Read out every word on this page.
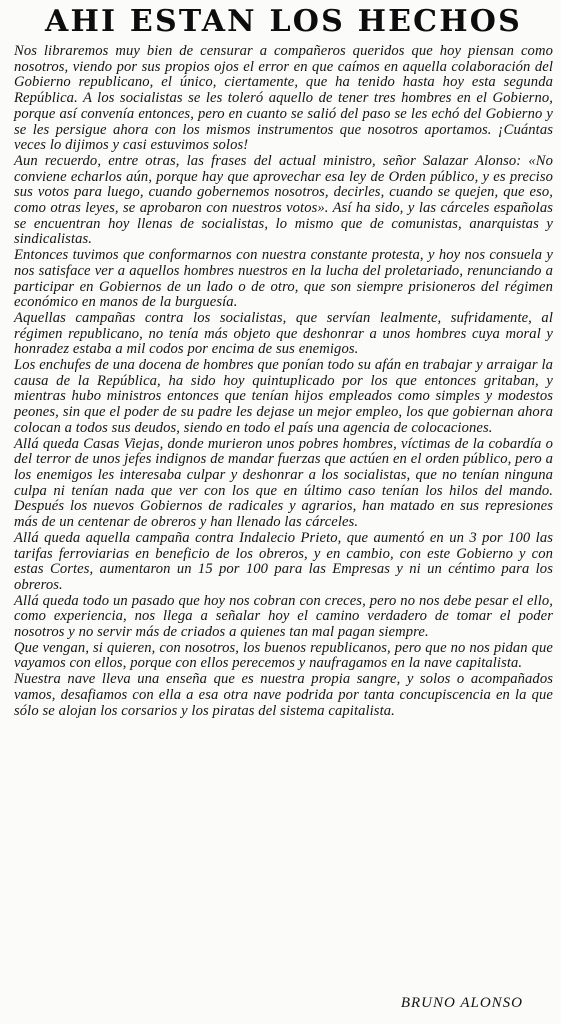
AHI ESTAN LOS HECHOS

Nos libraremos muy bien de censurar a compañeros queridos que hoy piensan como nosotros, viendo por sus propios ojos el error en que caímos en aquella colaboración del Gobierno republicano, el único, ciertamente, que ha tenido hasta hoy esta segunda República. A los socialistas se les toleró aquello de tener tres hombres en el Gobierno, porque así convenía entonces, pero en cuanto se salió del paso se les echó del Gobierno y se les persigue ahora con los mismos instrumentos que nosotros aportamos. ¡Cuántas veces lo dijimos y casi estuvimos solos!

Aun recuerdo, entre otras, las frases del actual ministro, señor Salazar Alonso: «No conviene echarlos aún, porque hay que aprovechar esa ley de Orden público, y es preciso sus votos para luego, cuando gobernemos nosotros, decirles, cuando se quejen, que eso, como otras leyes, se aprobaron con nuestros votos». Así ha sido, y las cárceles españolas se encuentran hoy llenas de socialistas, lo mismo que de comunistas, anarquistas y sindicalistas.

Entonces tuvimos que conformarnos con nuestra constante protesta, y hoy nos consuela y nos satisface ver a aquellos hombres nuestros en la lucha del proletariado, renunciando a participar en Gobiernos de un lado o de otro, que son siempre prisioneros del régimen económico en manos de la burguesía.

Aquellas campañas contra los socialistas, que servían lealmente, sufridamente, al régimen republicano, no tenía más objeto que deshonrar a unos hombres cuya moral y honradez estaba a mil codos por encima de sus enemigos.

Los enchufes de una docena de hombres que ponían todo su afán en trabajar y arraigar la causa de la República, ha sido hoy quintuplicado por los que entonces gritaban, y mientras hubo ministros entonces que tenían hijos empleados como simples y modestos peones, sin que el poder de su padre les dejase un mejor empleo, los que gobiernan ahora colocan a todos sus deudos, siendo en todo el país una agencia de colocaciones.

Allá queda Casas Viejas, donde murieron unos pobres hombres, víctimas de la cobardía o del terror de unos jefes indignos de mandar fuerzas que actúen en el orden público, pero a los enemigos les interesaba culpar y deshonrar a los socialistas, que no tenían ninguna culpa ni tenían nada que ver con los que en último caso tenían los hilos del mando. Después los nuevos Gobiernos de radicales y agrarios, han matado en sus represiones más de un centenar de obreros y han llenado las cárceles.

Allá queda aquella campaña contra Indalecio Prieto, que aumentó en un 3 por 100 las tarifas ferroviarias en beneficio de los obreros, y en cambio, con este Gobierno y con estas Cortes, aumentaron un 15 por 100 para las Empresas y ni un céntimo para los obreros.

Allá queda todo un pasado que hoy nos cobran con creces, pero no nos debe pesar el ello, como experiencia, nos llega a señalar hoy el camino verdadero de tomar el poder nosotros y no servir más de criados a quienes tan mal pagan siempre.

Que vengan, si quieren, con nosotros, los buenos republicanos, pero que no nos pidan que vayamos con ellos, porque con ellos perecemos y naufragamos en la nave capitalista.

Nuestra nave lleva una enseña que es nuestra propia sangre, y solos o acompañados vamos, desafiamos con ella a esa otra nave podrida por tanta concupiscencia en la que sólo se alojan los corsarios y los piratas del sistema capitalista.

BRUNO ALONSO
